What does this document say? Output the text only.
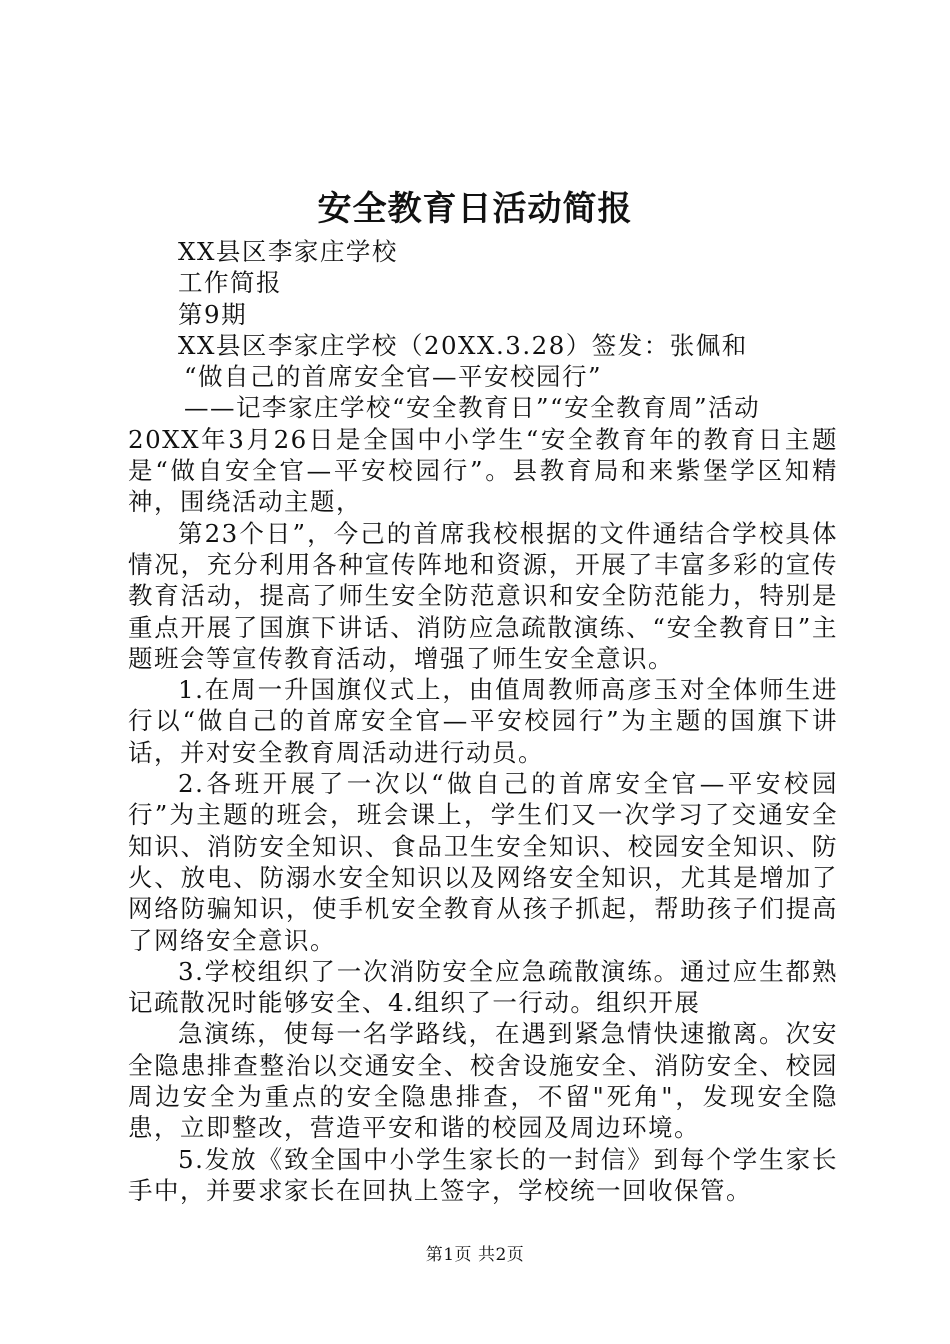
安全教育日活动简报

XX县区李家庄学校

工作简报

第9期

XX县区李家庄学校（20XX.3.28）签发：张佩和

“做自己的首席安全官—平安校园行”

——记李家庄学校“安全教育日”“安全教育周”活动

20XX年3月26日是全国中小学生“安全教育年的教育日主题是“做自安全官—平安校园行”。县教育局和来紫堡学区知精神，围绕活动主题，

第23个日”，今己的首席我校根据的文件通结合学校具体情况，充分利用各种宣传阵地和资源，开展了丰富多彩的宣传教育活动，提高了师生安全防范意识和安全防范能力，特别是重点开展了国旗下讲话、消防应急疏散演练、“安全教育日”主题班会等宣传教育活动，增强了师生安全意识。

1.在周一升国旗仪式上，由值周教师高彦玉对全体师生进行以“做自己的首席安全官—平安校园行”为主题的国旗下讲话，并对安全教育周活动进行动员。

2.各班开展了一次以“做自己的首席安全官—平安校园行”为主题的班会，班会课上，学生们又一次学习了交通安全知识、消防安全知识、食品卫生安全知识、校园安全知识、防火、放电、防溺水安全知识以及网络安全知识，尤其是增加了网络防骗知识，使手机安全教育从孩子抓起，帮助孩子们提高了网络安全意识。

3.学校组织了一次消防安全应急疏散演练。通过应生都熟记疏散况时能够安全、4.组织了一行动。组织开展

急演练，使每一名学路线，在遇到紧急情快速撤离。次安全隐患排查整治以交通安全、校舍设施安全、消防安全、校园周边安全为重点的安全隐患排查，不留"死角"，发现安全隐患，立即整改，营造平安和谐的校园及周边环境。

5.发放《致全国中小学生家长的一封信》到每个学生家长手中，并要求家长在回执上签字，学校统一回收保管。

第1页 共2页
